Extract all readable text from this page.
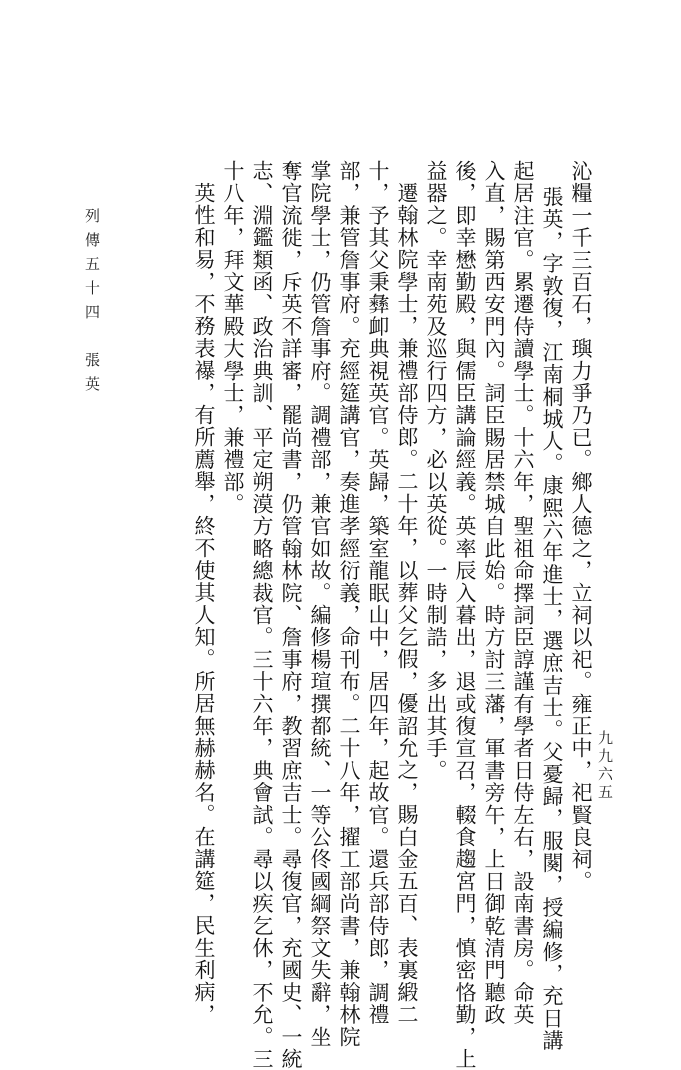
沁糧一千三百石，璵力爭乃已。鄉人德之，立祠以祀。雍正中，祀賢良祠。
張英，字敦復，江南桐城人。康熙六年進士，選庶吉士。父憂歸，服闋，授編修，充日講
起居注官。累遷侍讀學士。十六年，聖祖命擇詞臣諄謹有學者日侍左右，設南書房。命英
入直，賜第西安門內。詞臣賜居禁城自此始。時方討三藩，軍書旁午，上日御乾清門聽政
後，即幸懋勤殿，與儒臣講論經義。英率辰入暮出，退或復宣召，輟食趨宮門，慎密恪勤，上
益器之。幸南苑及巡行四方，必以英從。一時制誥，多出其手。
遷翰林院學士，兼禮部侍郎。二十年，以葬父乞假，優詔允之，賜白金五百、表裏緞二
十，予其父秉彝卹典視英官。英歸，築室龍眠山中，居四年，起故官。還兵部侍郎，調禮
部，兼管詹事府。充經筵講官，奏進孝經衍義，命刊布。二十八年，擢工部尚書，兼翰林院
掌院學士，仍管詹事府。調禮部，兼官如故。編修楊瑄撰都統、一等公佟國綱祭文失辭，坐
奪官流徙，斥英不詳審，罷尚書，仍管翰林院、詹事府，教習庶吉士。尋復官，充國史、一統
志、淵鑑類函、政治典訓、平定朔漠方略總裁官。三十六年，典會試。尋以疾乞休，不允。三
十八年，拜文華殿大學士，兼禮部。
英性和易，不務表襮，有所薦舉，終不使其人知。所居無赫赫名。在講筵，民生利病，
列傳五十四　張英
九九六五
